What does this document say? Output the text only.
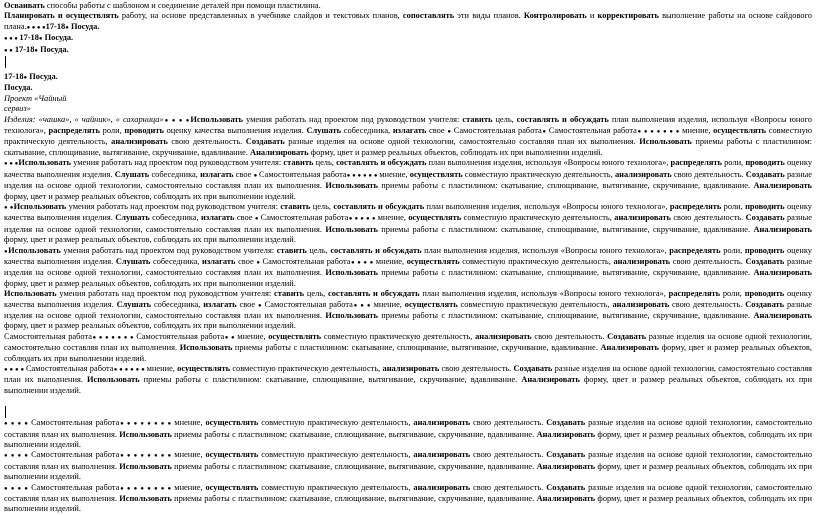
Осваивать способы работы с шаблоном и соединение деталей при помощи пластилина.

Планировать и осуществлять работу, на основе представленных в учебнике слайдов и текстовых планов, сопоставлять эти виды планов. Контролировать и корректировать выполнение работы на основе сайдового плана.● ● ● ●17-18● Посуда.

● ● ● 17-18● Посуда.

● ● 17-18● Посуда.

17-18● Посуда.

Посуда.

Проект «Чайный

сервиз»

Изделия: «чашка», « чайник», « сахарница»● ● ● ●Использовать умения работать над проектом под руководством учителя: ставить цель, составлять и обсуждать план выполнения изделия, используя «Вопросы юного технолога», распределять роли, проводить оценку качества выполнения изделия. Слушать собеседника, излагать свое ● Самостоятельная работа● Самостоятельная работа● ● ● ● ● ● ● мнение, осуществлять совместную практическую деятельность, анализировать свою деятельность. Создавать разные изделия на основе одной технологии, самостоятельно составляя план их выполнения. Использовать приемы работы с пластилином: скатывание, сплющивание, вытягивание, скручивание, вдавливание. Анализировать форму, цвет и размер реальных объектов, соблюдать их при выполнении изделий.

● ● ●Использовать умения работать над проектом под руководством учителя: ставить цель, составлять и обсуждать план выполнения изделия, используя «Вопросы юного технолога», распределять роли, проводить оценку качества выполнения изделия. Слушать собеседника, излагать свое ● Самостоятельная работа● ● ● ● ● ● мнение, осуществлять совместную практическую деятельность, анализировать свою деятельность. Создавать разные изделия на основе одной технологии, самостоятельно составляя план их выполнения. Использовать приемы работы с пластилином: скатывание, сплющивание, вытягивание, скручивание, вдавливание. Анализировать форму, цвет и размер реальных объектов, соблюдать их при выполнении изделий.

● ●Использовать умения работать над проектом под руководством учителя: ставить цель, составлять и обсуждать план выполнения изделия, используя «Вопросы юного технолога», распределять роли, проводить оценку качества выполнения изделия. Слушать собеседника, излагать свое ● Самостоятельная работа● ● ● ● ● мнение, осуществлять совместную практическую деятельность, анализировать свою деятельность. Создавать разные изделия на основе одной технологии, самостоятельно составляя план их выполнения. Использовать приемы работы с пластилином: скатывание, сплющивание, вытягивание, скручивание, вдавливание. Анализировать форму, цвет и размер реальных объектов, соблюдать их при выполнении изделий.

●Использовать умения работать над проектом под руководством учителя: ставить цель, составлять и обсуждать план выполнения изделия, используя «Вопросы юного технолога», распределять роли, проводить оценку качества выполнения изделия. Слушать собеседника, излагать свое ● Самостоятельная работа● ● ● ● мнение, осуществлять совместную практическую деятельность, анализировать свою деятельность. Создавать разные изделия на основе одной технологии, самостоятельно составляя план их выполнения. Использовать приемы работы с пластилином: скатывание, сплющивание, вытягивание, скручивание, вдавливание. Анализировать форму, цвет и размер реальных объектов, соблюдать их при выполнении изделий.

Использовать умения работать над проектом под руководством учителя: ставить цель, составлять и обсуждать план выполнения изделия, используя «Вопросы юного технолога», распределять роли, проводить оценку качества выполнения изделия. Слушать собеседника, излагать свое ● Самостоятельная работа● ● ● мнение, осуществлять совместную практическую деятельность, анализировать свою деятельность. Создавать разные изделия на основе одной технологии, самостоятельно составляя план их выполнения. Использовать приемы работы с пластилином: скатывание, сплющивание, вытягивание, скручивание, вдавливание. Анализировать форму, цвет и размер реальных объектов, соблюдать их при выполнении изделий.

Самостоятельная работа● ● ● ● ● ● ● Самостоятельная работа● ● мнение, осуществлять совместную практическую деятельность, анализировать свою деятельность. Создавать разные изделия на основе одной технологии, самостоятельно составляя план их выполнения. Использовать приемы работы с пластилином: скатывание, сплющивание, вытягивание, скручивание, вдавливание. Анализировать форму, цвет и размер реальных объектов, соблюдать их при выполнении изделий.

● ● ● ● Самостоятельная работа● ● ● ● ● ● мнение, осуществлять совместную практическую деятельность, анализировать свою деятельность. Создавать разные изделия на основе одной технологии, самостоятельно составляя план их выполнения. Использовать приемы работы с пластилином: скатывание, сплющивание, вытягивание, скручивание, вдавливание. Анализировать форму, цвет и размер реальных объектов, соблюдать их при выполнении изделий.

● ● ● ● Самостоятельная работа● ● ● ● ● ● ● ● мнение, осуществлять совместную практическую деятельность, анализировать свою деятельность. Создавать разные изделия на основе одной технологии, самостоятельно составляя план их выполнения. Использовать приемы работы с пластилином: скатывание, сплющивание, вытягивание, скручивание, вдавливание. Анализировать форму, цвет и размер реальных объектов, соблюдать их при выполнении изделий.

● ● ● ● Самостоятельная работа● ● ● ● ● ● ● ● мнение, осуществлять совместную практическую деятельность, анализировать свою деятельность. Создавать разные изделия на основе одной технологии, самостоятельно составляя план их выполнения. Использовать приемы работы с пластилином: скатывание, сплющивание, вытягивание, скручивание, вдавливание. Анализировать форму, цвет и размер реальных объектов, соблюдать их при выполнении изделий.

● ● ● ● Самостоятельная работа● ● ● ● ● ● ● ● мнение, осуществлять совместную практическую деятельность, анализировать свою деятельность. Создавать разные изделия на основе одной технологии, самостоятельно составляя план их выполнения. Использовать приемы работы с пластилином: скатывание, сплющивание, вытягивание, скручивание, вдавливание. Анализировать форму, цвет и размер реальных объектов, соблюдать их при выполнении изделий.
